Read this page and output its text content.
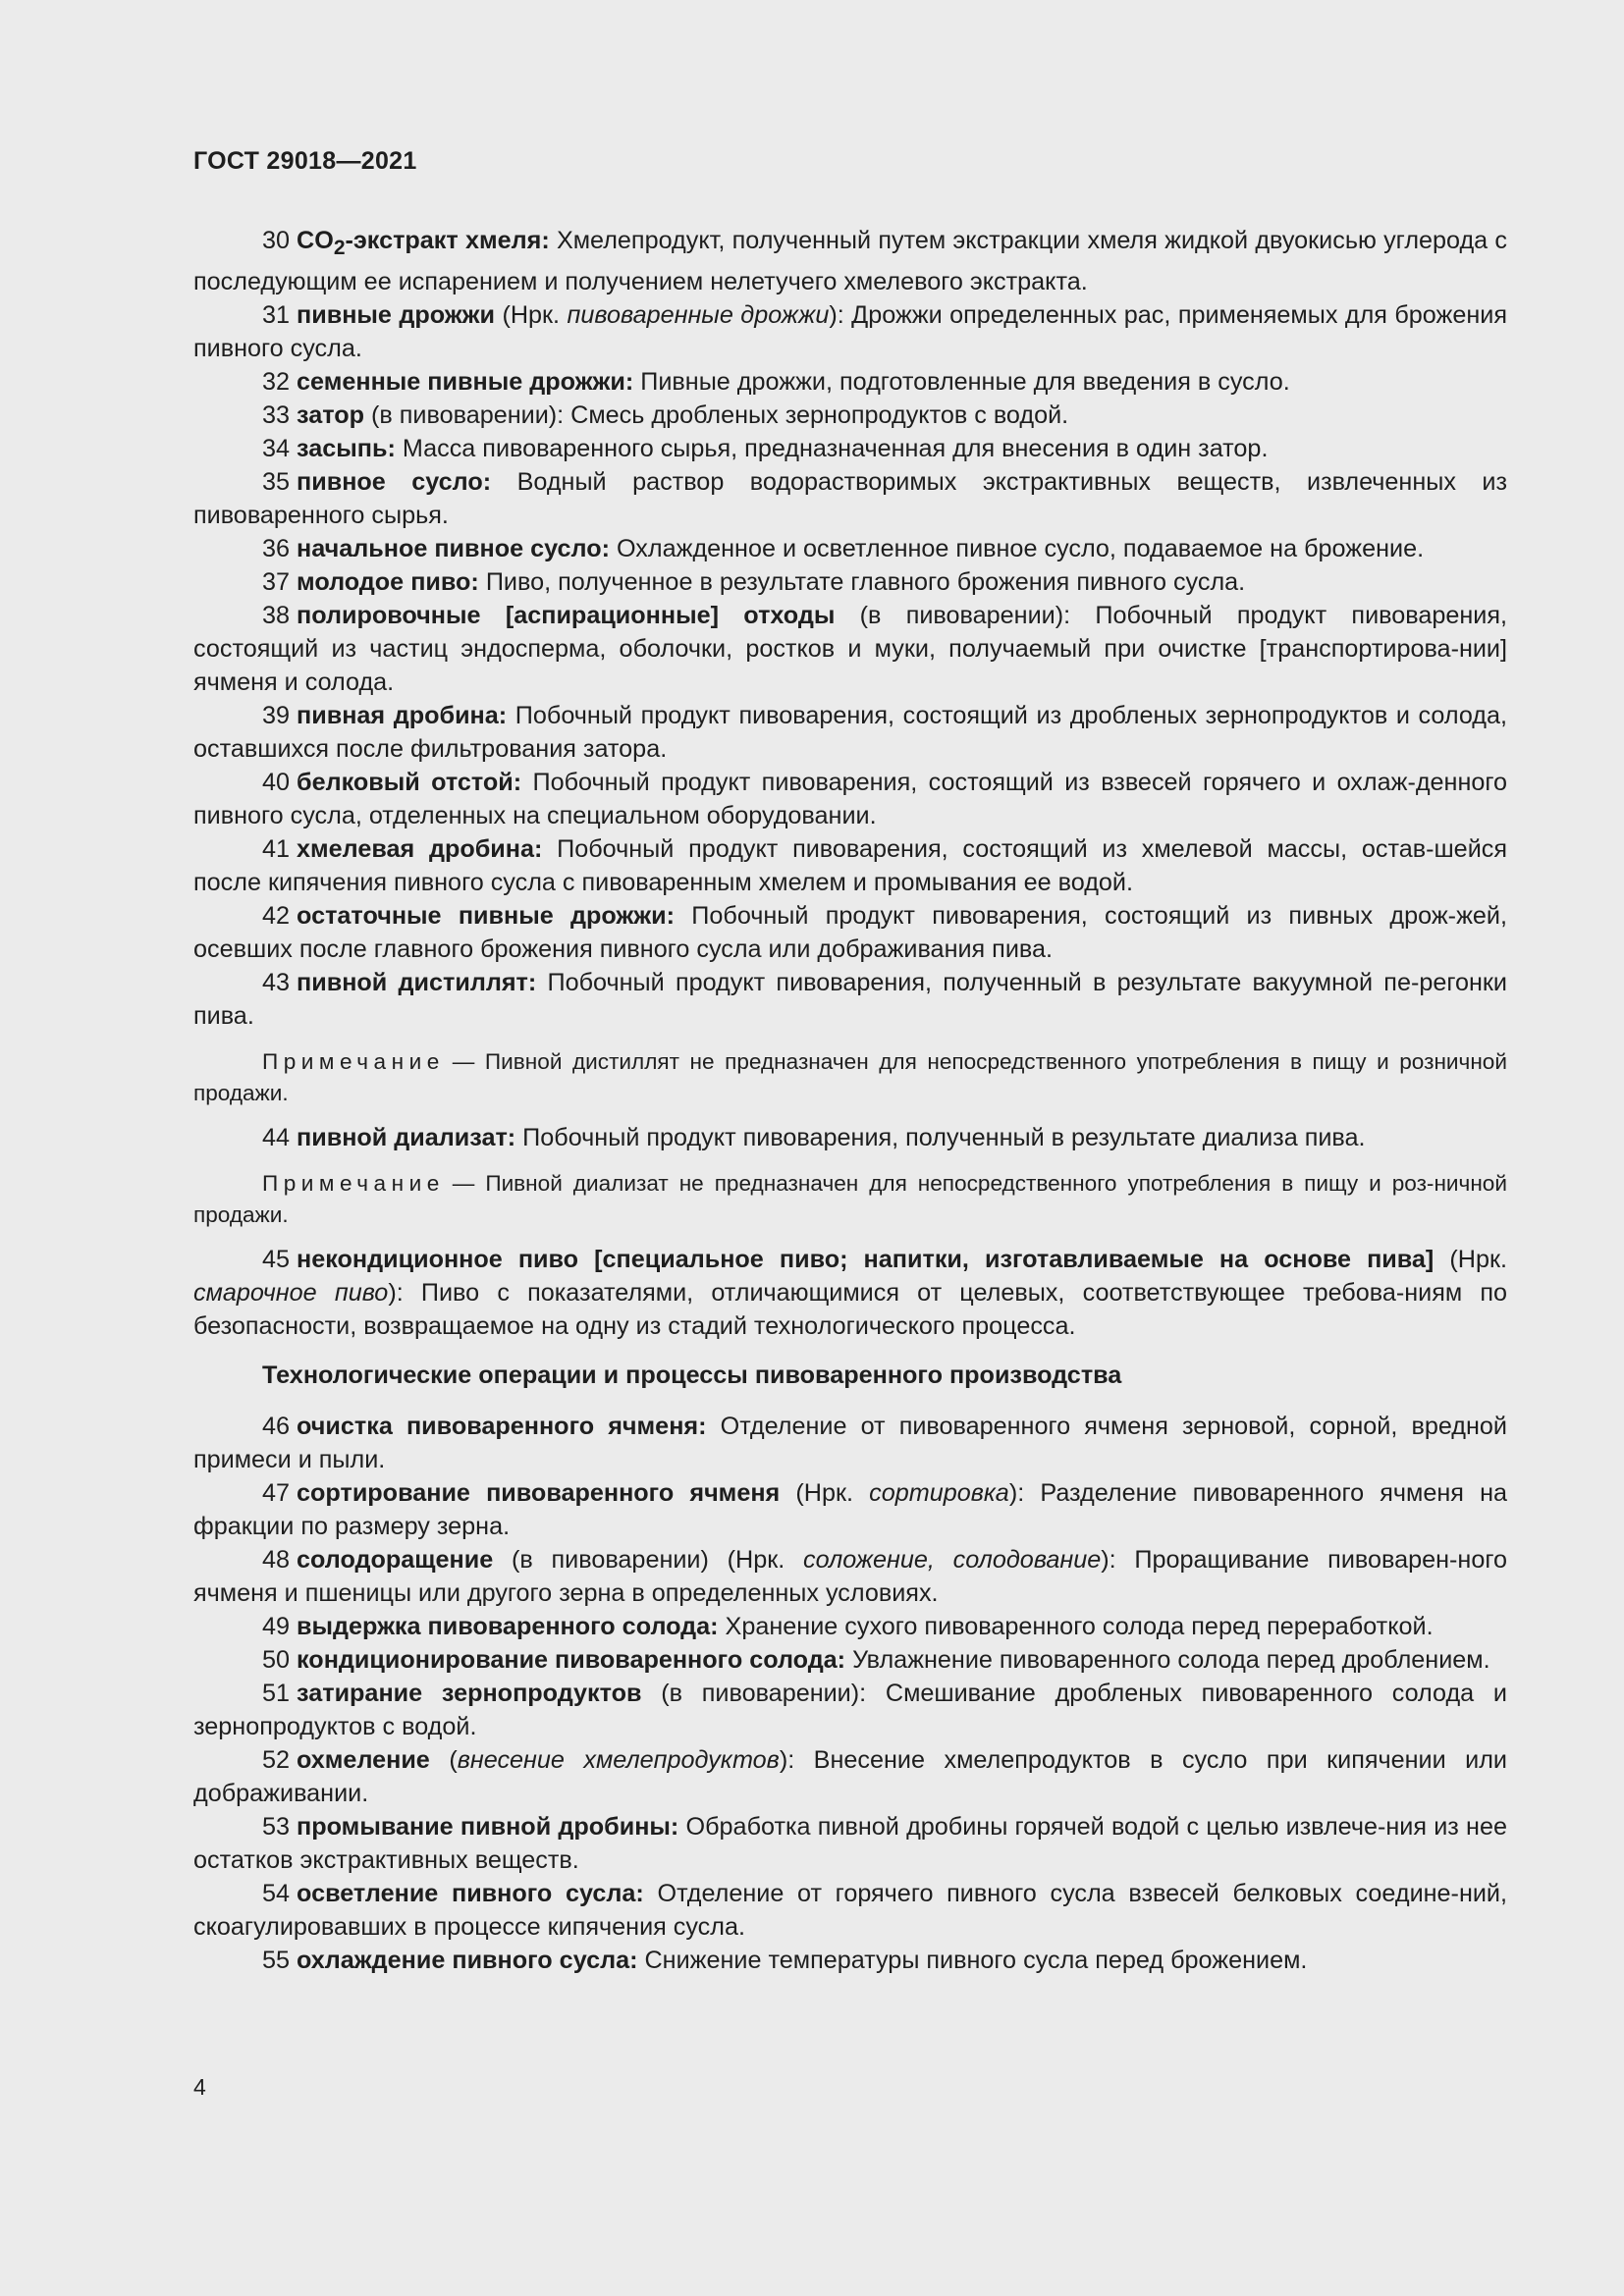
ГОСТ 29018—2021

30 $CO_2$-экстракт хмеля: Хмелепродукт, полученный путем экстракции хмеля жидкой двуокисью углерода с последующим ее испарением и получением нелетучего хмелевого экстракта.

31 пивные дрожжи (Нрк. пивоваренные дрожжи): Дрожжи определенных рас, применяемых для брожения пивного сусла.

32 семенные пивные дрожжи: Пивные дрожжи, подготовленные для введения в сусло.

33 затор (в пивоварении): Смесь дробленых зернопродуктов с водой.

34 засыпь: Масса пивоваренного сырья, предназначенная для внесения в один затор.

35 пивное сусло: Водный раствор водорастворимых экстрактивных веществ, извлеченных из пивоваренного сырья.

36 начальное пивное сусло: Охлажденное и осветленное пивное сусло, подаваемое на брожение.

37 молодое пиво: Пиво, полученное в результате главного брожения пивного сусла.

38 полировочные [аспирационные] отходы (в пивоварении): Побочный продукт пивоварения, состоящий из частиц эндосперма, оболочки, ростков и муки, получаемый при очистке [транспортирова-нии] ячменя и солода.

39 пивная дробина: Побочный продукт пивоварения, состоящий из дробленых зернопродуктов и солода, оставшихся после фильтрования затора.

40 белковый отстой: Побочный продукт пивоварения, состоящий из взвесей горячего и охлаж-денного пивного сусла, отделенных на специальном оборудовании.

41 хмелевая дробина: Побочный продукт пивоварения, состоящий из хмелевой массы, остав-шейся после кипячения пивного сусла с пивоваренным хмелем и промывания ее водой.

42 остаточные пивные дрожжи: Побочный продукт пивоварения, состоящий из пивных дрож-жей, осевших после главного брожения пивного сусла или дображивания пива.

43 пивной дистиллят: Побочный продукт пивоварения, полученный в результате вакуумной пе-регонки пива.

Примечание — Пивной дистиллят не предназначен для непосредственного употребления в пищу и розничной продажи.

44 пивной диализат: Побочный продукт пивоварения, полученный в результате диализа пива.

Примечание — Пивной диализат не предназначен для непосредственного употребления в пищу и роз-ничной продажи.

45 некондиционное пиво [специальное пиво; напитки, изготавливаемые на основе пива] (Нрк. смарочное пиво): Пиво с показателями, отличающимися от целевых, соответствующее требова-ниям по безопасности, возвращаемое на одну из стадий технологического процесса.

Технологические операции и процессы пивоваренного производства

46 очистка пивоваренного ячменя: Отделение от пивоваренного ячменя зерновой, сорной, вредной примеси и пыли.

47 сортирование пивоваренного ячменя (Нрк. сортировка): Разделение пивоваренного ячменя на фракции по размеру зерна.

48 солодоращение (в пивоварении) (Нрк. соложение, солодование): Проращивание пивоварен-ного ячменя и пшеницы или другого зерна в определенных условиях.

49 выдержка пивоваренного солода: Хранение сухого пивоваренного солода перед переработкой.

50 кондиционирование пивоваренного солода: Увлажнение пивоваренного солода перед дроблением.

51 затирание зернопродуктов (в пивоварении): Смешивание дробленых пивоваренного солода и зернопродуктов с водой.

52 охмеление (внесение хмелепродуктов): Внесение хмелепродуктов в сусло при кипячении или дображивании.

53 промывание пивной дробины: Обработка пивной дробины горячей водой с целью извлече-ния из нее остатков экстрактивных веществ.

54 осветление пивного сусла: Отделение от горячего пивного сусла взвесей белковых соедине-ний, скоагулировавших в процессе кипячения сусла.

55 охлаждение пивного сусла: Снижение температуры пивного сусла перед брожением.

4
